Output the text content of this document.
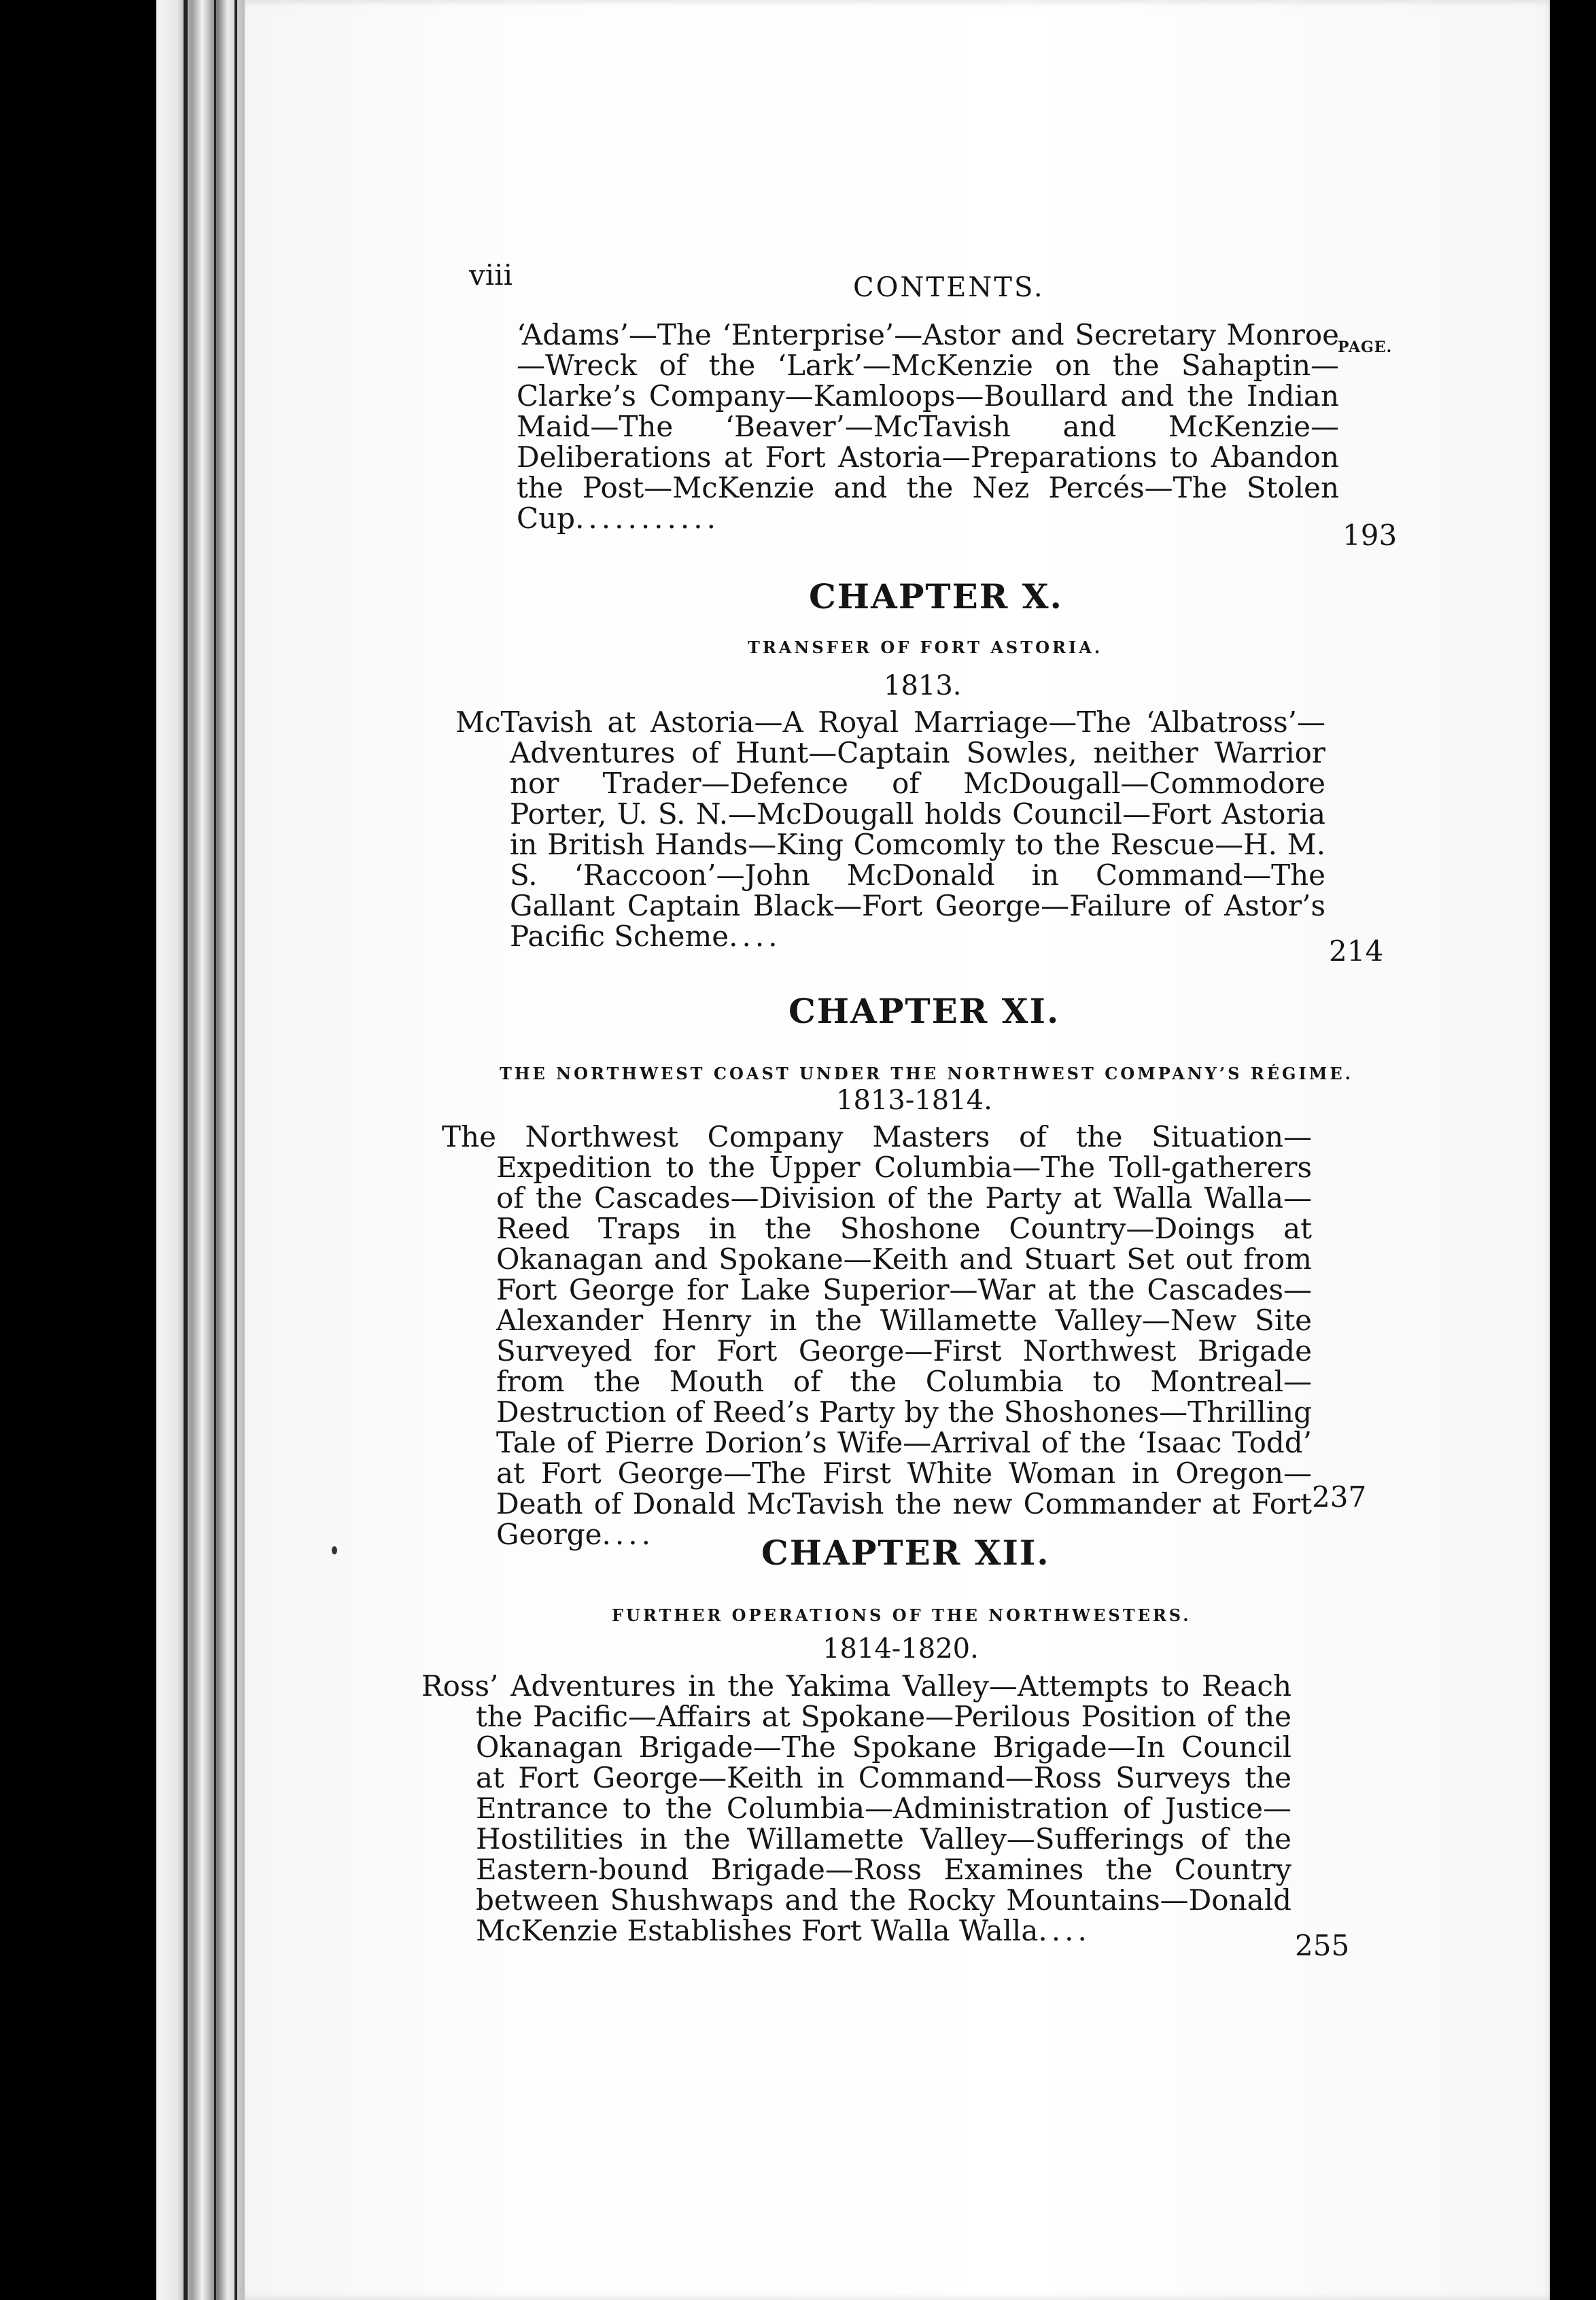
viii	CONTENTS.
PAGE.
‘Adams’—The ‘Enterprise’—Astor and Secretary Monroe—Wreck of the ‘Lark’—McKenzie on the Sahaptin—Clarke’s Company—Kamloops—Boullard and the Indian Maid—The ‘Beaver’—McTavish and McKenzie—Deliberations at Fort Astoria—Preparations to Abandon the Post—McKenzie and the Nez Percés—The Stolen Cup...........
193
CHAPTER X.
TRANSFER OF FORT ASTORIA.
1813.
McTavish at Astoria—A Royal Marriage—The ‘Albatross’—Adventures of Hunt—Captain Sowles, neither Warrior nor Trader—Defence of McDougall—Commodore Porter, U. S. N.—McDougall holds Council—Fort Astoria in British Hands—King Comcomly to the Rescue—H. M. S. ‘Raccoon’—John McDonald in Command—The Gallant Captain Black—Fort George—Failure of Astor’s Pacific Scheme....	214
CHAPTER XI.
THE NORTHWEST COAST UNDER THE NORTHWEST COMPANY’S RÉGIME.
1813-1814.
The Northwest Company Masters of the Situation—Expedition to the Upper Columbia—The Toll-gatherers of the Cascades—Division of the Party at Walla Walla—Reed Traps in the Shoshone Country—Doings at Okanagan and Spokane—Keith and Stuart Set out from Fort George for Lake Superior—War at the Cascades—Alexander Henry in the Willamette Valley—New Site Surveyed for Fort George—First Northwest Brigade from the Mouth of the Columbia to Montreal—Destruction of Reed’s Party by the Shoshones—Thrilling Tale of Pierre Dorion’s Wife—Arrival of the ‘Isaac Todd’ at Fort George—The First White Woman in Oregon—Death of Donald McTavish the new Commander at Fort George....
237
CHAPTER XII.
FURTHER OPERATIONS OF THE NORTHWESTERS.
1814-1820.
Ross’ Adventures in the Yakima Valley—Attempts to Reach the Pacific—Affairs at Spokane—Perilous Position of the Okanagan Brigade—The Spokane Brigade—In Council at Fort George—Keith in Command—Ross Surveys the Entrance to the Columbia—Administration of Justice—Hostilities in the Willamette Valley—Sufferings of the Eastern-bound Brigade—Ross Examines the Country between Shushwaps and the Rocky Mountains—Donald McKenzie Establishes Fort Walla Walla....	255
